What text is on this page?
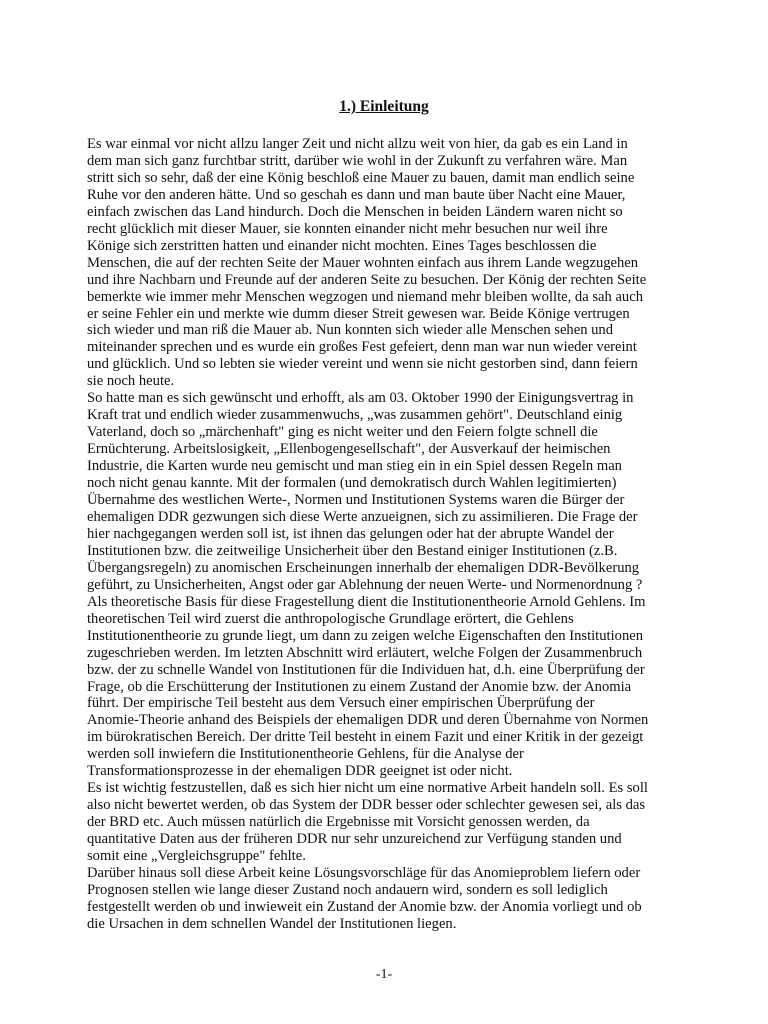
1.) Einleitung

Es war einmal vor nicht allzu langer Zeit und nicht allzu weit von hier, da gab es ein Land in
dem man sich ganz furchtbar stritt, darüber wie wohl in der Zukunft zu verfahren wäre. Man
stritt sich so sehr, daß der eine König beschloß eine Mauer zu bauen, damit man endlich seine
Ruhe vor den anderen hätte. Und so geschah es dann und man baute über Nacht eine Mauer,
einfach zwischen das Land hindurch. Doch die Menschen in beiden Ländern waren nicht so
recht glücklich mit dieser Mauer, sie konnten einander nicht mehr besuchen nur weil ihre
Könige sich zerstritten hatten und einander nicht mochten. Eines Tages beschlossen die
Menschen, die auf der rechten Seite der Mauer wohnten einfach aus ihrem Lande wegzugehen
und ihre Nachbarn und Freunde auf der anderen Seite zu besuchen. Der König der rechten Seite
bemerkte wie immer mehr Menschen wegzogen und niemand mehr bleiben wollte, da sah auch
er seine Fehler ein und merkte wie dumm dieser Streit gewesen war. Beide Könige vertrugen
sich wieder und man riß die Mauer ab. Nun konnten sich wieder alle Menschen sehen und
miteinander sprechen und es wurde ein großes Fest gefeiert, denn man war nun wieder vereint
und glücklich. Und so lebten sie wieder vereint und wenn sie nicht gestorben sind, dann feiern
sie noch heute.

So hatte man es sich gewünscht und erhofft, als am 03. Oktober 1990 der Einigungsvertrag in
Kraft trat und endlich wieder zusammenwuchs, „was zusammen gehört". Deutschland einig
Vaterland, doch so „märchenhaft" ging es nicht weiter und den Feiern folgte schnell die
Ernüchterung. Arbeitslosigkeit, „Ellenbogengesellschaft", der Ausverkauf der heimischen
Industrie, die Karten wurde neu gemischt und man stieg ein in ein Spiel dessen Regeln man
noch nicht genau kannte. Mit der formalen (und demokratisch durch Wahlen legitimierten)
Übernahme des westlichen Werte-, Normen und Institutionen Systems waren die Bürger der
ehemaligen DDR gezwungen sich diese Werte anzueignen, sich zu assimilieren. Die Frage der
hier nachgegangen werden soll ist, ist ihnen das gelungen oder hat der abrupte Wandel der
Institutionen bzw. die zeitweilige Unsicherheit über den Bestand einiger Institutionen (z.B.
Übergangsregeln) zu anomischen Erscheinungen innerhalb der ehemaligen DDR-Bevölkerung
geführt, zu Unsicherheiten, Angst oder gar Ablehnung der neuen Werte- und Normenordnung ?
Als theoretische Basis für diese Fragestellung dient die Institutionentheorie Arnold Gehlens. Im
theoretischen Teil wird zuerst die anthropologische Grundlage erörtert, die Gehlens
Institutionentheorie zu grunde liegt, um dann zu zeigen welche Eigenschaften den Institutionen
zugeschrieben werden. Im letzten Abschnitt wird erläutert, welche Folgen der Zusammenbruch
bzw. der zu schnelle Wandel von Institutionen für die Individuen hat, d.h. eine Überprüfung der
Frage, ob die Erschütterung der Institutionen zu einem Zustand der Anomie bzw. der Anomia
führt. Der empirische Teil besteht aus dem Versuch einer empirischen Überprüfung der
Anomie-Theorie anhand des Beispiels der ehemaligen DDR und deren Übernahme von Normen
im bürokratischen Bereich. Der dritte Teil besteht in einem Fazit und einer Kritik in der gezeigt
werden soll inwiefern die Institutionentheorie Gehlens, für die Analyse der
Transformationsprozesse in der ehemaligen DDR geeignet ist oder nicht.

Es ist wichtig festzustellen, daß es sich hier nicht um eine normative Arbeit handeln soll. Es soll
also nicht bewertet werden, ob das System der DDR besser oder schlechter gewesen sei, als das
der BRD etc. Auch müssen natürlich die Ergebnisse mit Vorsicht genossen werden, da
quantitative Daten aus der früheren DDR nur sehr unzureichend zur Verfügung standen und
somit eine „Vergleichsgruppe" fehlte.

Darüber hinaus soll diese Arbeit keine Lösungsvorschläge für das Anomieproblem liefern oder
Prognosen stellen wie lange dieser Zustand noch andauern wird, sondern es soll lediglich
festgestellt werden ob und inwieweit ein Zustand der Anomie bzw. der Anomia vorliegt und ob
die Ursachen in dem schnellen Wandel der Institutionen liegen.

-1-
